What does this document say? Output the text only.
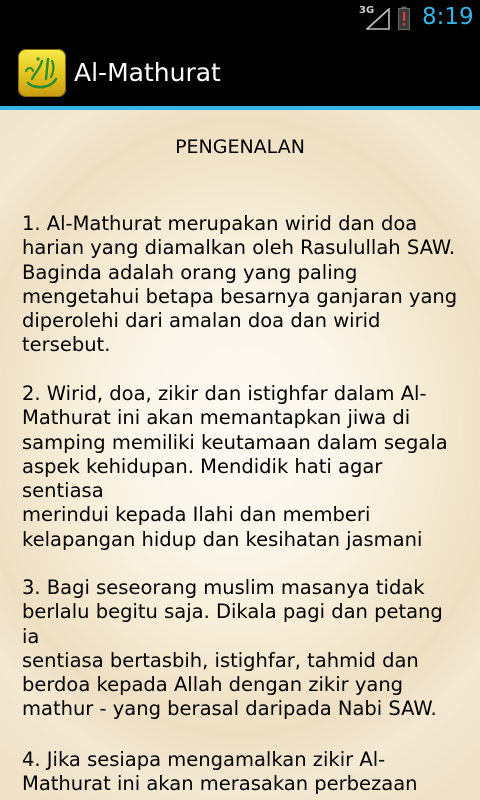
3G 8:19
Al-Mathurat
PENGENALAN
1. Al-Mathurat merupakan wirid dan doa
harian yang diamalkan oleh Rasulullah SAW.
Baginda adalah orang yang paling
mengetahui betapa besarnya ganjaran yang
diperolehi dari amalan doa dan wirid tersebut.
2. Wirid, doa, zikir dan istighfar dalam Al-
Mathurat ini akan memantapkan jiwa di
samping memiliki keutamaan dalam segala
aspek kehidupan. Mendidik hati agar sentiasa
merindui kepada Ilahi dan memberi
kelapangan hidup dan kesihatan jasmani
3. Bagi seseorang muslim masanya tidak
berlalu begitu saja. Dikala pagi dan petang ia
sentiasa bertasbih, istighfar, tahmid dan
berdoa kepada Allah dengan zikir yang
mathur - yang berasal daripada Nabi SAW.
4. Jika sesiapa mengamalkan zikir Al-
Mathurat ini akan merasakan perbezaan
